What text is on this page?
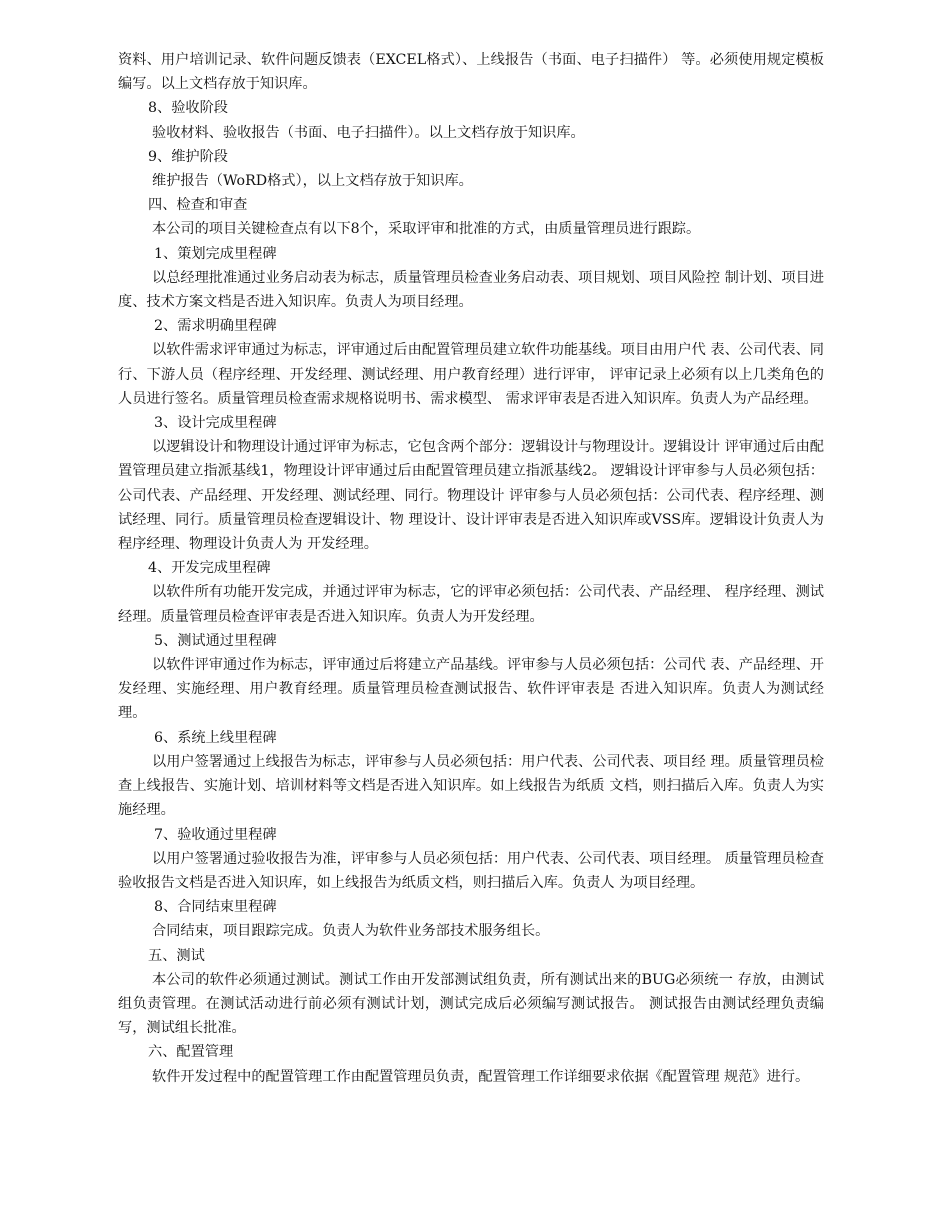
资料、用户培训记录、软件问题反馈表（EXCEL格式）、上线报告（书面、电子扫描件） 等。必须使用规定模板编写。以上文档存放于知识库。

8、验收阶段

验收材料、验收报告（书面、电子扫描件）。以上文档存放于知识库。

9、维护阶段

维护报告（WoRD格式），以上文档存放于知识库。

四、检查和审查

本公司的项目关键检查点有以下8个，采取评审和批准的方式，由质量管理员进行跟踪。

1、策划完成里程碑

以总经理批准通过业务启动表为标志，质量管理员检查业务启动表、项目规划、项目风险控 制计划、项目进度、技术方案文档是否进入知识库。负责人为项目经理。

2、需求明确里程碑

以软件需求评审通过为标志，评审通过后由配置管理员建立软件功能基线。项目由用户代 表、公司代表、同行、下游人员（程序经理、开发经理、测试经理、用户教育经理）进行评审， 评审记录上必须有以上几类角色的人员进行签名。质量管理员检查需求规格说明书、需求模型、 需求评审表是否进入知识库。负责人为产品经理。

3、设计完成里程碑

以逻辑设计和物理设计通过评审为标志，它包含两个部分：逻辑设计与物理设计。逻辑设计 评审通过后由配置管理员建立指派基线1，物理设计评审通过后由配置管理员建立指派基线2。 逻辑设计评审参与人员必须包括：公司代表、产品经理、开发经理、测试经理、同行。物理设计 评审参与人员必须包括：公司代表、程序经理、测试经理、同行。质量管理员检查逻辑设计、物 理设计、设计评审表是否进入知识库或VSS库。逻辑设计负责人为程序经理、物理设计负责人为 开发经理。

4、开发完成里程碑

以软件所有功能开发完成，并通过评审为标志，它的评审必须包括：公司代表、产品经理、 程序经理、测试经理。质量管理员检查评审表是否进入知识库。负责人为开发经理。

5、测试通过里程碑

以软件评审通过作为标志，评审通过后将建立产品基线。评审参与人员必须包括：公司代 表、产品经理、开发经理、实施经理、用户教育经理。质量管理员检查测试报告、软件评审表是 否进入知识库。负责人为测试经理。

6、系统上线里程碑

以用户签署通过上线报告为标志，评审参与人员必须包括：用户代表、公司代表、项目经 理。质量管理员检查上线报告、实施计划、培训材料等文档是否进入知识库。如上线报告为纸质 文档，则扫描后入库。负责人为实施经理。

7、验收通过里程碑

以用户签署通过验收报告为准，评审参与人员必须包括：用户代表、公司代表、项目经理。 质量管理员检查验收报告文档是否进入知识库，如上线报告为纸质文档，则扫描后入库。负责人 为项目经理。

8、合同结束里程碑

合同结束，项目跟踪完成。负责人为软件业务部技术服务组长。

五、测试

本公司的软件必须通过测试。测试工作由开发部测试组负责，所有测试出来的BUG必须统一 存放，由测试组负责管理。在测试活动进行前必须有测试计划，测试完成后必须编写测试报告。 测试报告由测试经理负责编写，测试组长批准。

六、配置管理

软件开发过程中的配置管理工作由配置管理员负责，配置管理工作详细要求依据《配置管理 规范》进行。
